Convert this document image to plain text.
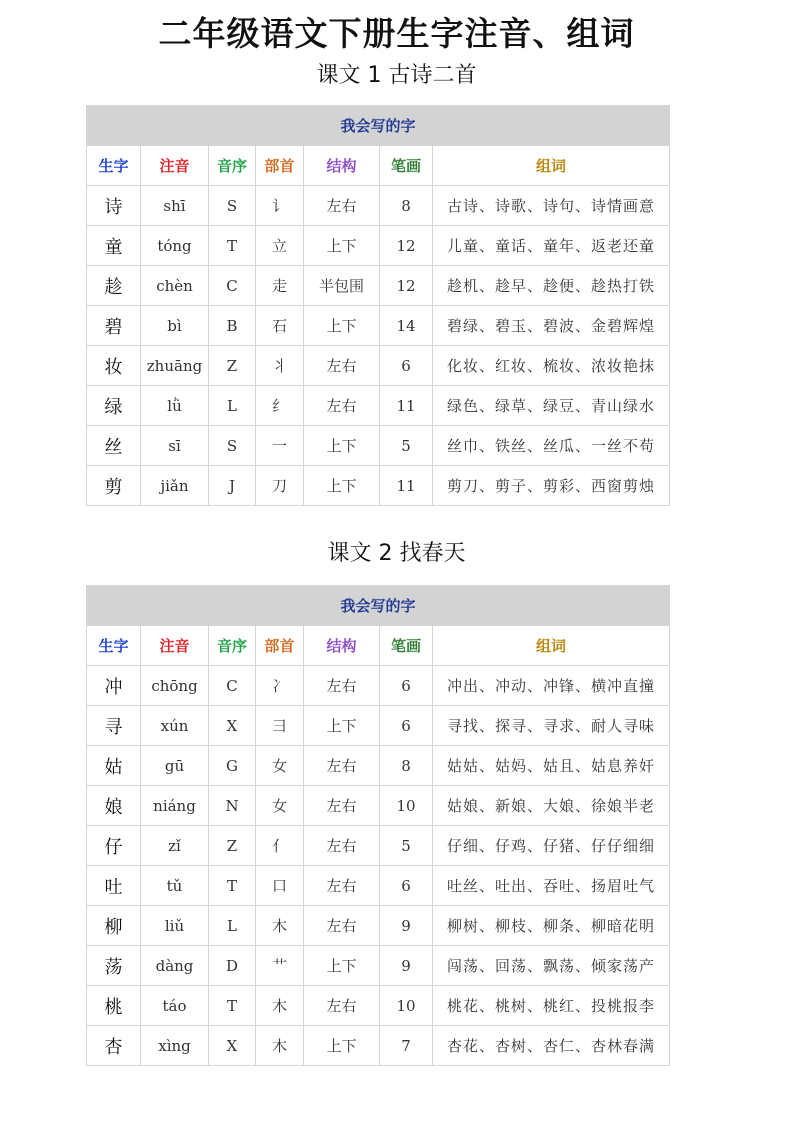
二年级语文下册生字注音、组词
课文 1 古诗二首
我会写的字						
生字	注音	音序	部首	结构	笔画	组词
诗	shī	S	讠	左右	8	古诗、诗歌、诗句、诗情画意
童	tóng	T	立	上下	12	儿童、童话、童年、返老还童
趁	chèn	C	走	半包围	12	趁机、趁早、趁便、趁热打铁
碧	bì	B	石	上下	14	碧绿、碧玉、碧波、金碧辉煌
妆	zhuāng	Z	丬	左右	6	化妆、红妆、梳妆、浓妆艳抹
绿	lǜ	L	纟	左右	11	绿色、绿草、绿豆、青山绿水
丝	sī	S	一	上下	5	丝巾、铁丝、丝瓜、一丝不苟
剪	jiǎn	J	刀	上下	11	剪刀、剪子、剪彩、西窗剪烛
课文 2 找春天
我会写的字						
生字	注音	音序	部首	结构	笔画	组词
冲	chōng	C	冫	左右	6	冲出、冲动、冲锋、横冲直撞
寻	xún	X	彐	上下	6	寻找、探寻、寻求、耐人寻味
姑	gū	G	女	左右	8	姑姑、姑妈、姑且、姑息养奸
娘	niáng	N	女	左右	10	姑娘、新娘、大娘、徐娘半老
仔	zǐ	Z	亻	左右	5	仔细、仔鸡、仔猪、仔仔细细
吐	tǔ	T	口	左右	6	吐丝、吐出、吞吐、扬眉吐气
柳	liǔ	L	木	左右	9	柳树、柳枝、柳条、柳暗花明
荡	dàng	D	艹	上下	9	闯荡、回荡、飘荡、倾家荡产
桃	táo	T	木	左右	10	桃花、桃树、桃红、投桃报李
杏	xìng	X	木	上下	7	杏花、杏树、杏仁、杏林春满
